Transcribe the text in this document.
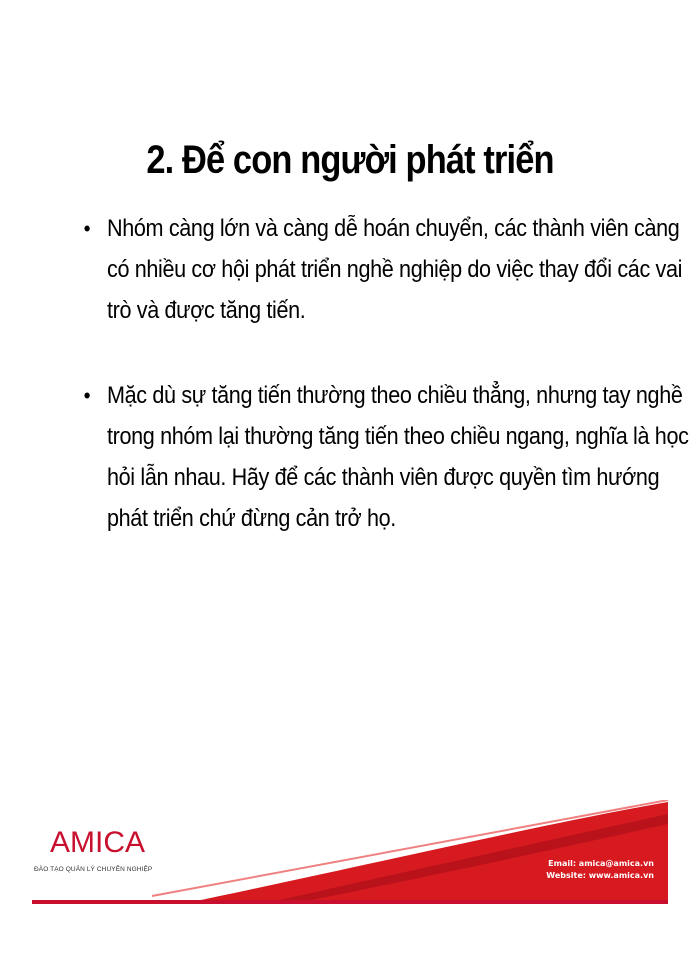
2. Để con người phát triển
• Nhóm càng lớn và càng dễ hoán chuyển, các thành viên càng có nhiều cơ hội phát triển nghề nghiệp do việc thay đổi các vai trò và được tăng tiến.
• Mặc dù sự tăng tiến thường theo chiều thẳng, nhưng tay nghề trong nhóm lại thường tăng tiến theo chiều ngang, nghĩa là học hỏi lẫn nhau. Hãy để các thành viên được quyền tìm hướng phát triển chứ đừng cản trở họ.
AMICA
ĐÀO TẠO QUẢN LÝ CHUYÊN NGHIỆP
Email: amica@amica.vn
Website: www.amica.vn
